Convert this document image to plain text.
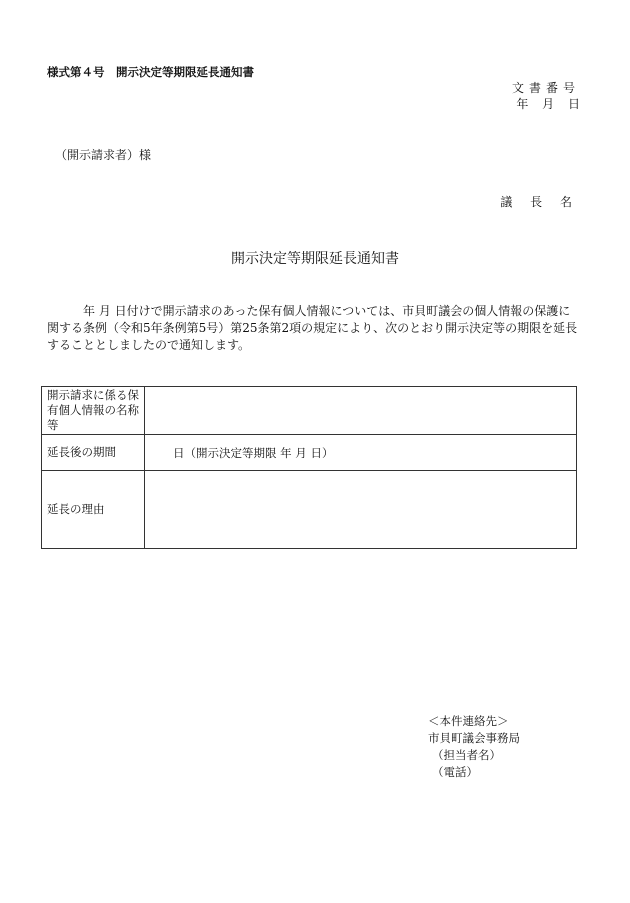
様式第４号　開示決定等期限延長通知書
文書番号
年 月 日
（開示請求者）様
議 長 名
開示決定等期限延長通知書
年 月 日付けで開示請求のあった保有個人情報については、市貝町議会の個人情報の保護に関する条例（令和5年条例第5号）第25条第2項の規定により、次のとおり開示決定等の期限を延長することとしましたので通知します。
開示請求に係る保有個人情報の名称等	
延長後の期間	日（開示決定等期限 年 月 日）
延長の理由	
＜本件連絡先＞
市貝町議会事務局
（担当者名）
（電話）
